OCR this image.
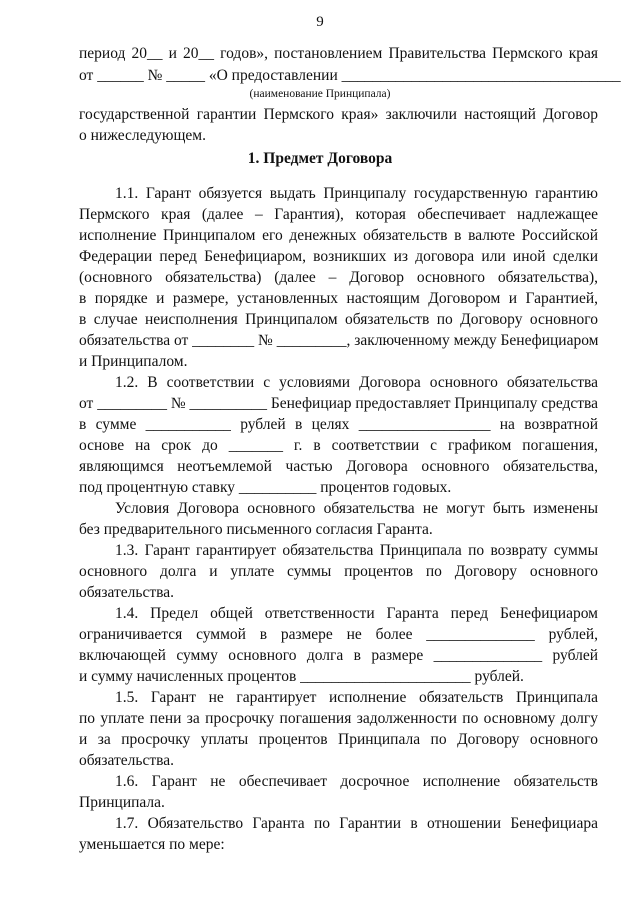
9
период 20__ и 20__ годов», постановлением Правительства Пермского края
от ______ № _____ «О предоставлении ____________________________________
(наименование Принципала)
государственной гарантии Пермского края» заключили настоящий Договор
о нижеследующем.
1. Предмет Договора
1.1. Гарант обязуется выдать Принципалу государственную гарантию
Пермского края (далее – Гарантия), которая обеспечивает надлежащее
исполнение Принципалом его денежных обязательств в валюте Российской
Федерации перед Бенефициаром, возникших из договора или иной сделки
(основного обязательства) (далее – Договор основного обязательства),
в порядке и размере, установленных настоящим Договором и Гарантией,
в случае неисполнения Принципалом обязательств по Договору основного
обязательства от ________ № _________, заключенному между Бенефициаром
и Принципалом.
1.2. В соответствии с условиями Договора основного обязательства
от _________ № __________ Бенефициар предоставляет Принципалу средства
в сумме ___________ рублей в целях _________________ на возвратной
основе на срок до _______ г. в соответствии с графиком погашения,
являющимся неотъемлемой частью Договора основного обязательства,
под процентную ставку __________ процентов годовых.
Условия Договора основного обязательства не могут быть изменены
без предварительного письменного согласия Гаранта.
1.3. Гарант гарантирует обязательства Принципала по возврату суммы
основного долга и уплате суммы процентов по Договору основного
обязательства.
1.4. Предел общей ответственности Гаранта перед Бенефициаром
ограничивается суммой в размере не более ______________ рублей,
включающей сумму основного долга в размере ______________ рублей
и сумму начисленных процентов ______________________ рублей.
1.5. Гарант не гарантирует исполнение обязательств Принципала
по уплате пени за просрочку погашения задолженности по основному долгу
и за просрочку уплаты процентов Принципала по Договору основного
обязательства.
1.6. Гарант не обеспечивает досрочное исполнение обязательств
Принципала.
1.7. Обязательство Гаранта по Гарантии в отношении Бенефициара
уменьшается по мере:
